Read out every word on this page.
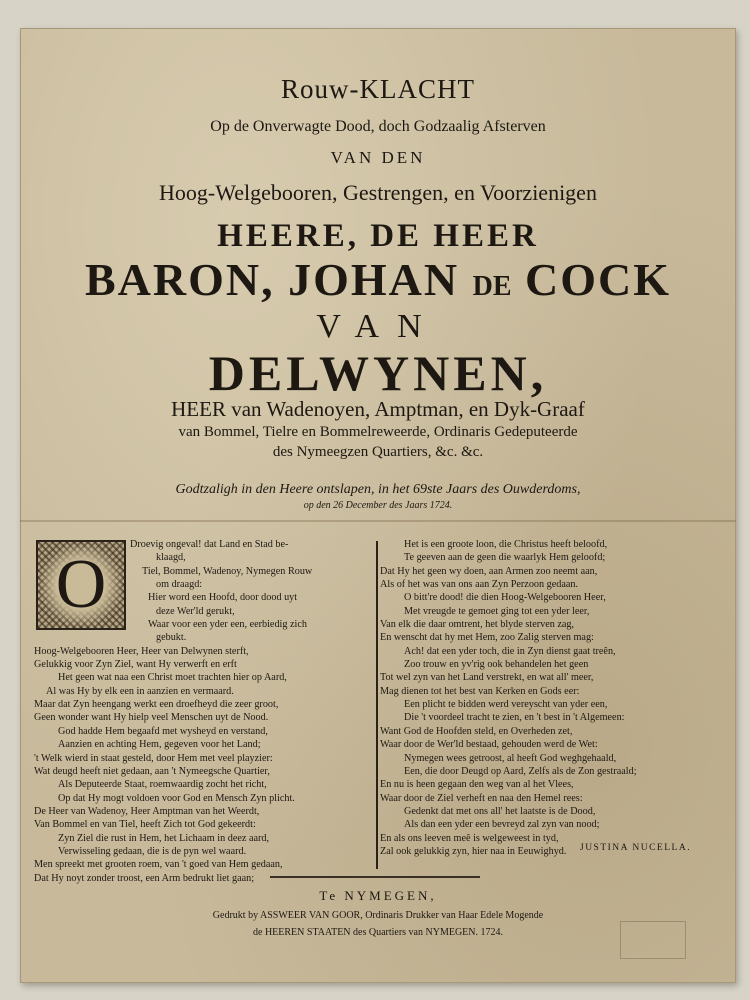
Rouw-KLACHT
Op de Onverwagte Dood, doch Godzaalig Afsterven
VAN DEN
Hoog-Welgebooren, Gestrengen, en Voorzienigen
HEERE, DE HEER
BARON, JOHAN DE COCK
VAN
DELWYNEN,
HEER van Wadenoyen, Amptman, en Dyk-Graaf
van Bommel, Tielre en Bommelreweerde, Ordinaris Gedeputeerde
des Nymeegzen Quartiers, &c. &c.
Godtzaligh in den Heere ontslapen, in het 69ste Jaars des Ouwderdoms,
op den 26 December des Jaars 1724.
O
Droevig ongeval! dat Land en Stad be-
klaagd,
Tiel, Bommel, Wadenoy, Nymegen Rouw
om draagd:
Hier word een Hoofd, door dood uyt
deze Wer'ld gerukt,
Waar voor een yder een, eerbiedig zich
gebukt.
Hoog-Welgebooren Heer, Heer van Delwynen sterft,
Gelukkig voor Zyn Ziel, want Hy verwerft en erft
Het geen wat naa een Christ moet trachten hier op Aard,
Al was Hy by elk een in aanzien en vermaard.
Maar dat Zyn heengang werkt een droefheyd die zeer groot,
Geen wonder want Hy hielp veel Menschen uyt de Nood.
God hadde Hem begaafd met wysheyd en verstand,
Aanzien en achting Hem, gegeven voor het Land;
't Welk wierd in staat gesteld, door Hem met veel playzier:
Wat deugd heeft niet gedaan, aan 't Nymeegsche Quartier,
Als Deputeerde Staat, roemwaardig zocht het richt,
Op dat Hy mogt voldoen voor God en Mensch Zyn plicht.
De Heer van Wadenoy, Heer Amptman van het Weerdt,
Van Bommel en van Tiel, heeft Zich tot God gekeerdt:
Zyn Ziel die rust in Hem, het Lichaam in deez aard,
Verwisseling gedaan, die is de pyn wel waard.
Men spreekt met grooten roem, van 't goed van Hem gedaan,
Dat Hy noyt zonder troost, een Arm bedrukt liet gaan;
Het is een groote loon, die Christus heeft beloofd,
Te geeven aan de geen die waarlyk Hem geloofd;
Dat Hy het geen wy doen, aan Armen zoo neemt aan,
Als of het was van ons aan Zyn Perzoon gedaan.
O bitt're dood! die dien Hoog-Welgebooren Heer,
Met vreugde te gemoet ging tot een yder leer,
Van elk die daar omtrent, het blyde sterven zag,
En wenscht dat hy met Hem, zoo Zalig sterven mag:
Ach! dat een yder toch, die in Zyn dienst gaat treên,
Zoo trouw en yv'rig ook behandelen het geen
Tot wel zyn van het Land verstrekt, en wat all' meer,
Mag dienen tot het best van Kerken en Gods eer:
Een plicht te bidden werd vereyscht van yder een,
Die 't voordeel tracht te zien, en 't best in 't Algemeen:
Want God de Hoofden steld, en Overheden zet,
Waar door de Wer'ld bestaad, gehouden werd de Wet:
Nymegen wees getroost, al heeft God weghgehaald,
Een, die door Deugd op Aard, Zelfs als de Zon gestraald;
En nu is heen gegaan den weg van al het Vlees,
Waar door de Ziel verheft en naa den Hemel rees:
Gedenkt dat met ons all' het laatste is de Dood,
Als dan een yder een bevreyd zal zyn van nood;
En als ons leeven meê is welgeweest in tyd,
Zal ook gelukkig zyn, hier naa in Eeuwighyd.	JUSTINA NUCELLA.
Te NYMEGEN,
Gedrukt by ASSWEER VAN GOOR, Ordinaris Drukker van Haar Edele Mogende
de HEEREN STAATEN des Quartiers van NYMEGEN. 1724.
